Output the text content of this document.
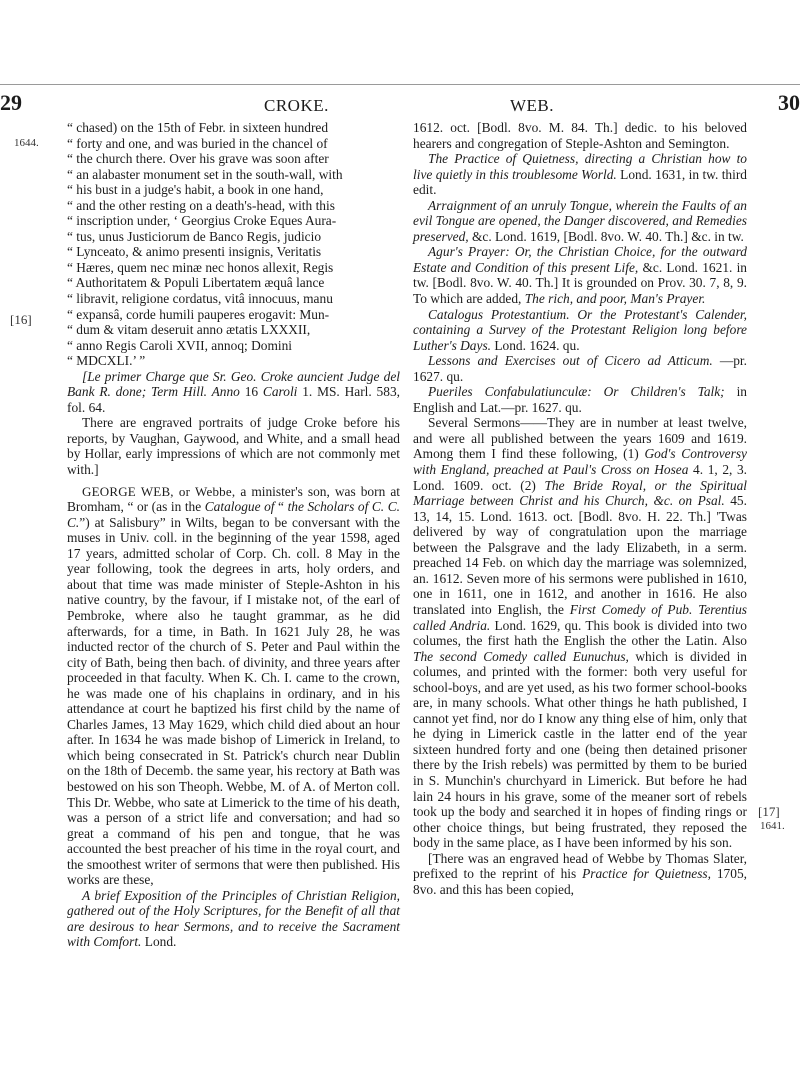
29	CROKE.	WEB.	30
1644.
[16]
[17]
1641.

“ chased) on the 15th of Febr. in sixteen hundred

“ forty and one, and was buried in the chancel of

“ the church there. Over his grave was soon after

“ an alabaster monument set in the south-wall, with

“ his bust in a judge's habit, a book in one hand,

“ and the other resting on a death's-head, with this

“ inscription under, ‘ Georgius Croke Eques Aura-

“ tus, unus Justiciorum de Banco Regis, judicio

“ Lynceato, & animo presenti insignis, Veritatis

“ Hæres, quem nec minæ nec honos allexit, Regis

“ Authoritatem & Populi Libertatem æquâ lance

“ libravit, religione cordatus, vitâ innocuus, manu

“ expansâ, corde humili pauperes erogavit: Mun-

“ dum & vitam deseruit anno ætatis LXXXII,

“ anno Regis Caroli XVII, annoq; Domini

“ MDCXLI.’ ”

[Le primer Charge que Sr. Geo. Croke auncient Judge del Bank R. done; Term Hill. Anno 16 Caroli 1. MS. Harl. 583, fol. 64.

There are engraved portraits of judge Croke before his reports, by Vaughan, Gaywood, and White, and a small head by Hollar, early impressions of which are not commonly met with.]

GEORGE WEB, or Webbe, a minister's son, was born at Bromham, “ or (as in the Catalogue of “ the Scholars of C. C. C.”) at Salisbury” in Wilts, began to be conversant with the muses in Univ. coll. in the beginning of the year 1598, aged 17 years, admitted scholar of Corp. Ch. coll. 8 May in the year following, took the degrees in arts, holy orders, and about that time was made minister of Steple-Ashton in his native country, by the favour, if I mistake not, of the earl of Pembroke, where also he taught grammar, as he did afterwards, for a time, in Bath. In 1621 July 28, he was inducted rector of the church of S. Peter and Paul within the city of Bath, being then bach. of divinity, and three years after proceeded in that faculty. When K. Ch. I. came to the crown, he was made one of his chaplains in ordinary, and in his attendance at court he baptized his first child by the name of Charles James, 13 May 1629, which child died about an hour after. In 1634 he was made bishop of Limerick in Ireland, to which being consecrated in St. Patrick's church near Dublin on the 18th of Decemb. the same year, his rectory at Bath was bestowed on his son Theoph. Webbe, M. of A. of Merton coll. This Dr. Webbe, who sate at Limerick to the time of his death, was a person of a strict life and conversation; and had so great a command of his pen and tongue, that he was accounted the best preacher of his time in the royal court, and the smoothest writer of sermons that were then published. His works are these,

A brief Exposition of the Principles of Christian Religion, gathered out of the Holy Scriptures, for the Benefit of all that are desirous to hear Sermons, and to receive the Sacrament with Comfort. Lond.

1612. oct. [Bodl. 8vo. M. 84. Th.] dedic. to his beloved hearers and congregation of Steple-Ashton and Semington.

The Practice of Quietness, directing a Christian how to live quietly in this troublesome World. Lond. 1631, in tw. third edit.

Arraignment of an unruly Tongue, wherein the Faults of an evil Tongue are opened, the Danger discovered, and Remedies preserved, &c. Lond. 1619, [Bodl. 8vo. W. 40. Th.] &c. in tw.

Agur's Prayer: Or, the Christian Choice, for the outward Estate and Condition of this present Life, &c. Lond. 1621. in tw. [Bodl. 8vo. W. 40. Th.] It is grounded on Prov. 30. 7, 8, 9. To which are added, The rich, and poor, Man's Prayer.

Catalogus Protestantium. Or the Protestant's Calender, containing a Survey of the Protestant Religion long before Luther's Days. Lond. 1624. qu.

Lessons and Exercises out of Cicero ad Atticum. —pr. 1627. qu.

Pueriles Confabulatiunculæ: Or Children's Talk; in English and Lat.—pr. 1627. qu.

Several Sermons——They are in number at least twelve, and were all published between the years 1609 and 1619. Among them I find these following, (1) God's Controversy with England, preached at Paul's Cross on Hosea 4. 1, 2, 3. Lond. 1609. oct. (2) The Bride Royal, or the Spiritual Marriage between Christ and his Church, &c. on Psal. 45. 13, 14, 15. Lond. 1613. oct. [Bodl. 8vo. H. 22. Th.] 'Twas delivered by way of congratulation upon the marriage between the Palsgrave and the lady Elizabeth, in a serm. preached 14 Feb. on which day the marriage was solemnized, an. 1612. Seven more of his sermons were published in 1610, one in 1611, one in 1612, and another in 1616. He also translated into English, the First Comedy of Pub. Terentius called Andria. Lond. 1629, qu. This book is divided into two columes, the first hath the English the other the Latin. Also The second Comedy called Eunuchus, which is divided in columes, and printed with the former: both very useful for school-boys, and are yet used, as his two former school-books are, in many schools. What other things he hath published, I cannot yet find, nor do I know any thing else of him, only that he dying in Limerick castle in the latter end of the year sixteen hundred forty and one (being then detained prisoner there by the Irish rebels) was permitted by them to be buried in S. Munchin's churchyard in Limerick. But before he had lain 24 hours in his grave, some of the meaner sort of rebels took up the body and searched it in hopes of finding rings or other choice things, but being frustrated, they reposed the body in the same place, as I have been informed by his son.

[There was an engraved head of Webbe by Thomas Slater, prefixed to the reprint of his Practice for Quietness, 1705, 8vo. and this has been copied,
